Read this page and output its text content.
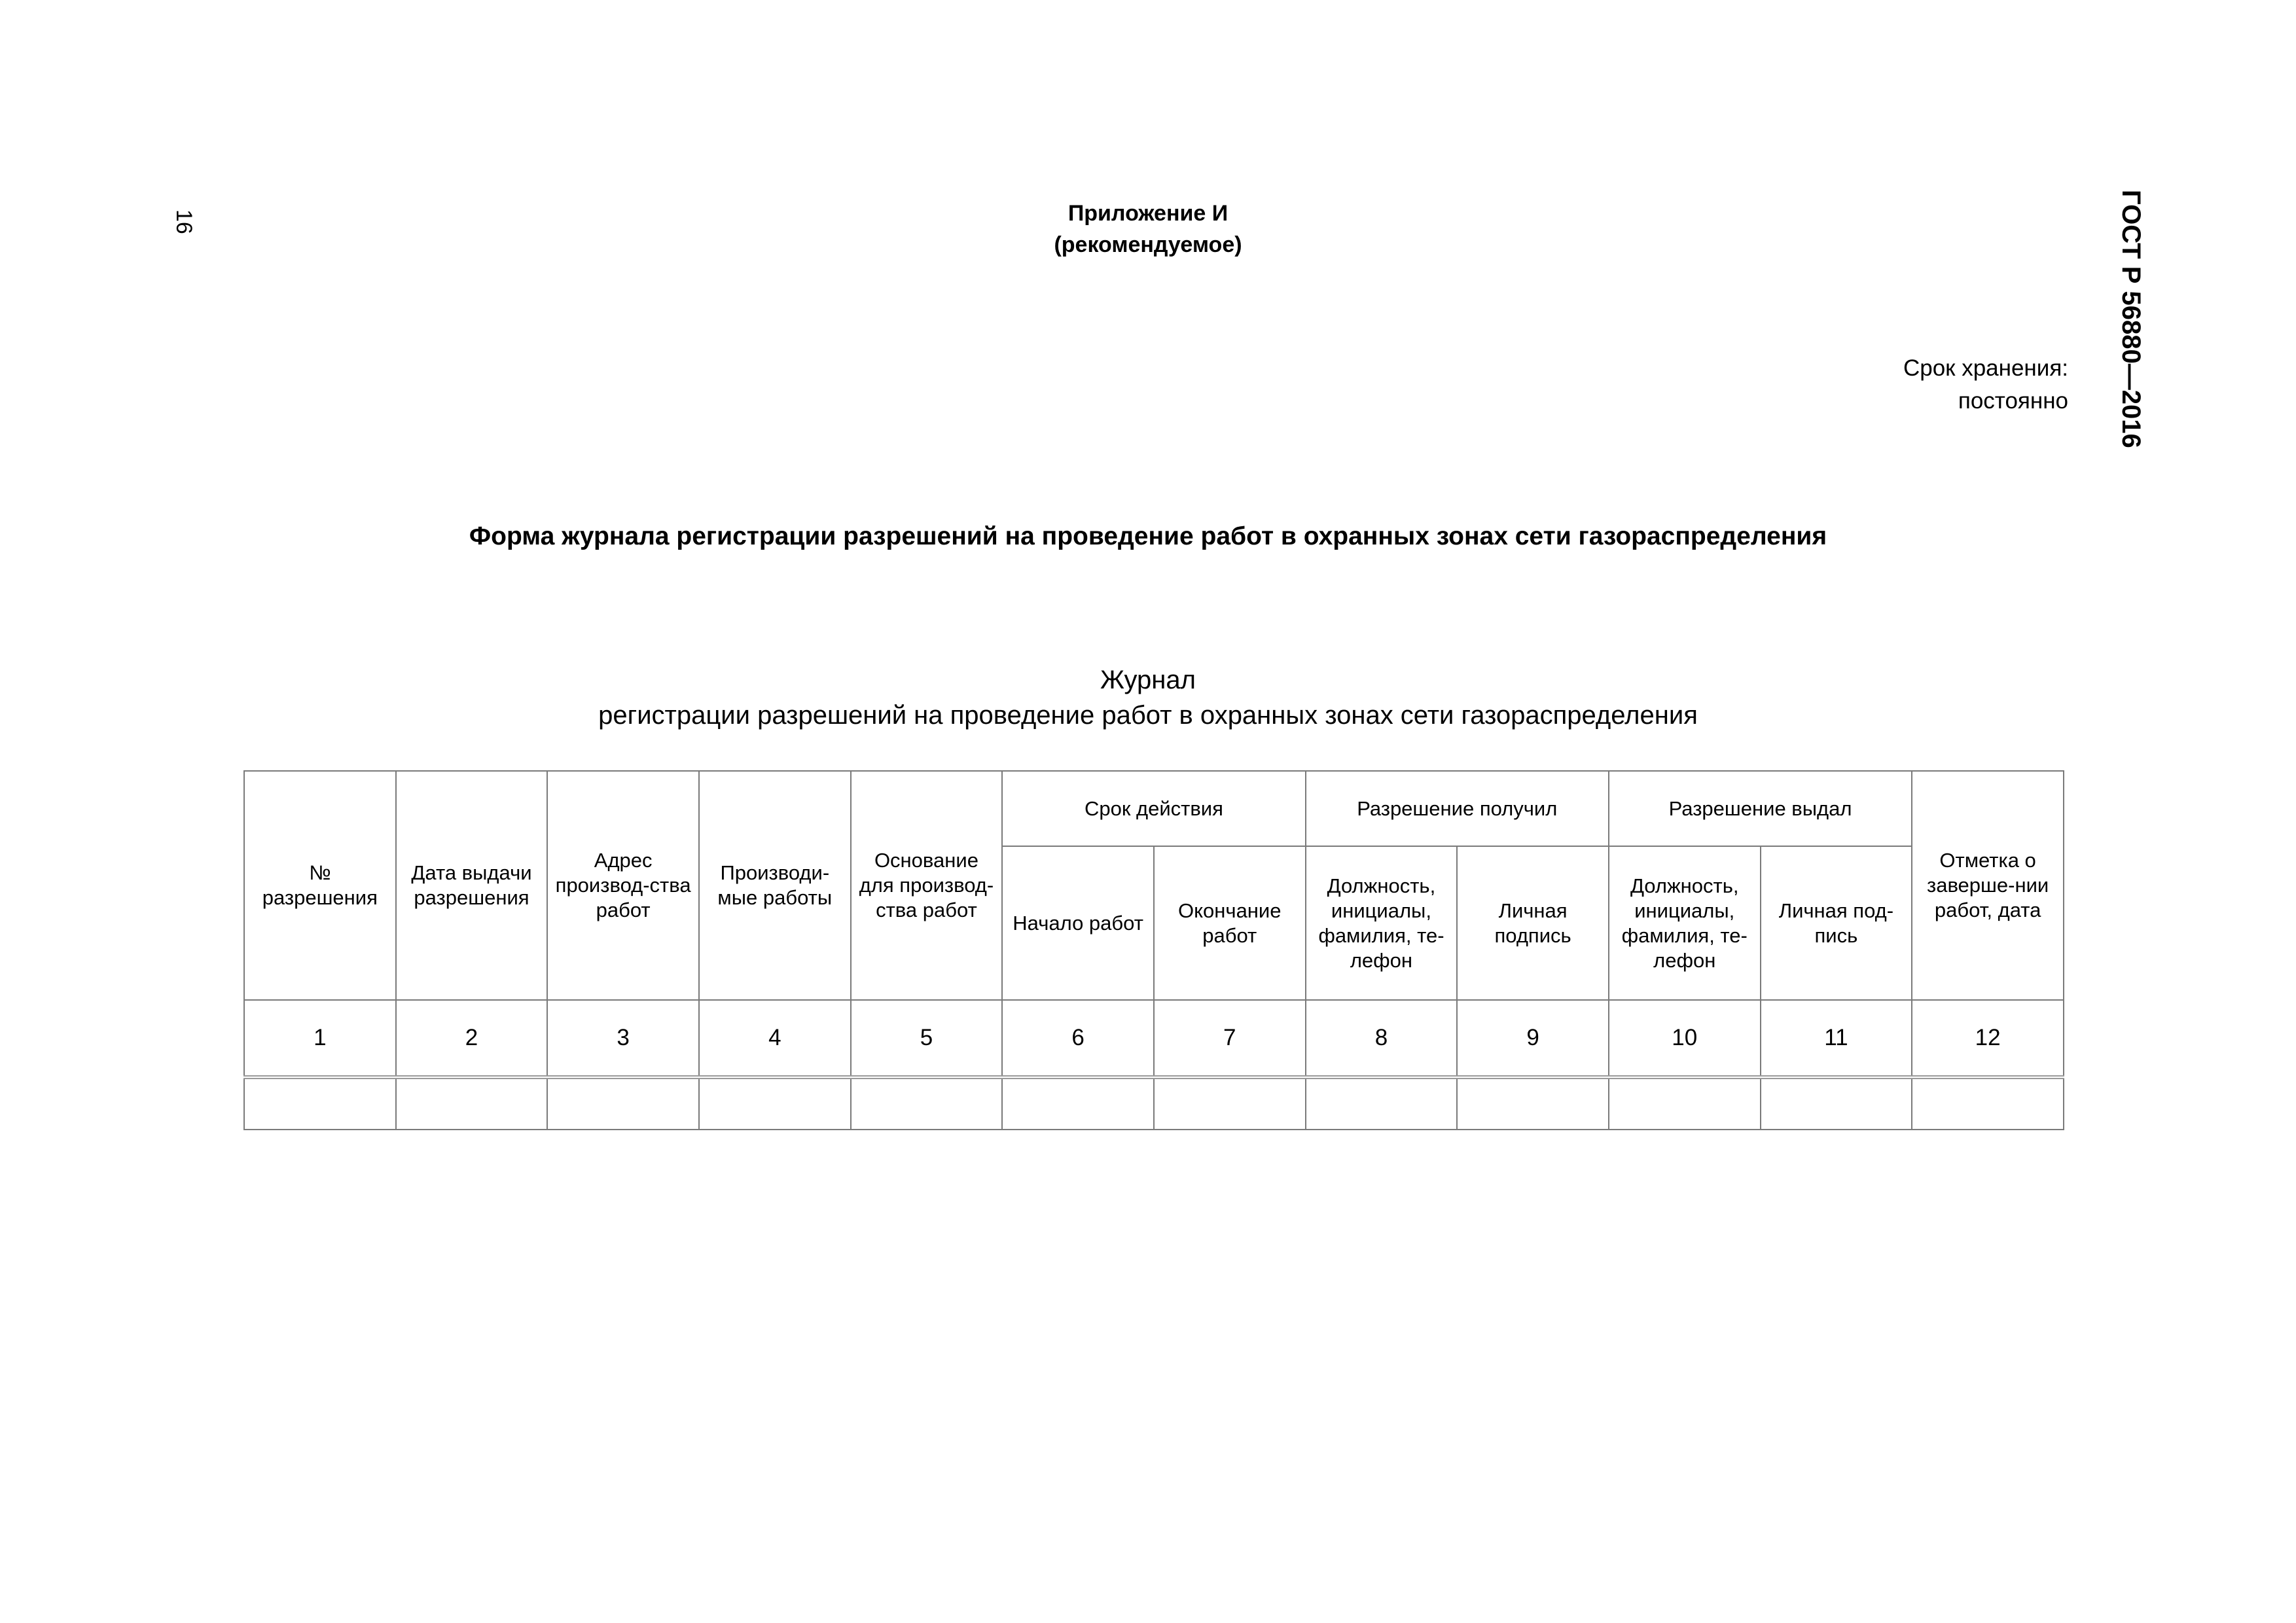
16	ГОСТ Р 56880—2016
Приложение И
(рекомендуемое)
Срок хранения:
постоянно
Форма журнала регистрации разрешений на проведение работ в охранных зонах сети газораспределения
Журнал
регистрации разрешений на проведение работ в охранных зонах сети газораспределения
№ разрешения	Дата выдачи разрешения	Адрес производ-ства работ	Производи-мые работы	Основание для производ-ства работ	Срок действия		Разрешение получил		Разрешение выдал		Отметка о заверше-нии работ, дата
					Начало работ	Окончание работ	Должность, инициалы, фамилия, те-лефон	Личная подпись	Должность, инициалы, фамилия, те-лефон	Личная под-пись	
1	2	3	4	5	6	7	8	9	10	11	12
